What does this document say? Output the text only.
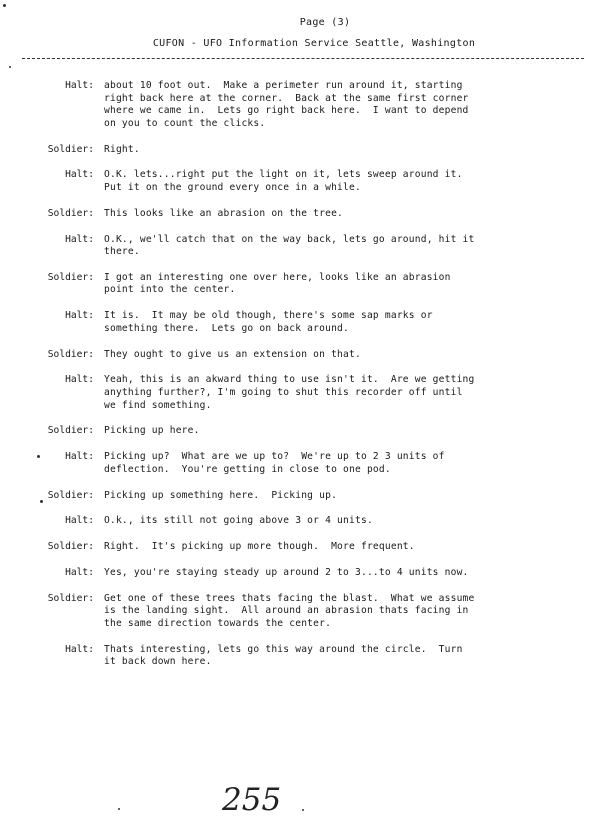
Page (3)
CUFON - UFO Information Service Seattle, Washington
Halt: about 10 foot out.  Make a perimeter run around it, starting
right back here at the corner.  Back at the same first corner
where we came in.  Lets go right back here.  I want to depend
on you to count the clicks.
Soldier: Right.
Halt: O.K. lets...right put the light on it, lets sweep around it.
Put it on the ground every once in a while.
Soldier: This looks like an abrasion on the tree.
Halt: O.K., we'll catch that on the way back, lets go around, hit it
there.
Soldier: I got an interesting one over here, looks like an abrasion
point into the center.
Halt: It is.  It may be old though, there's some sap marks or
something there.  Lets go on back around.
Soldier: They ought to give us an extension on that.
Halt: Yeah, this is an akward thing to use isn't it.  Are we getting
anything further?, I'm going to shut this recorder off until
we find something.
Soldier: Picking up here.
Halt: Picking up?  What are we up to?  We're up to 2 3 units of
deflection.  You're getting in close to one pod.
Soldier: Picking up something here.  Picking up.
Halt: O.k., its still not going above 3 or 4 units.
Soldier: Right.  It's picking up more though.  More frequent.
Halt: Yes, you're staying steady up around 2 to 3...to 4 units now.
Soldier: Get one of these trees thats facing the blast.  What we assume
is the landing sight.  All around an abrasion thats facing in
the same direction towards the center.
Halt: Thats interesting, lets go this way around the circle.  Turn
it back down here.
255
